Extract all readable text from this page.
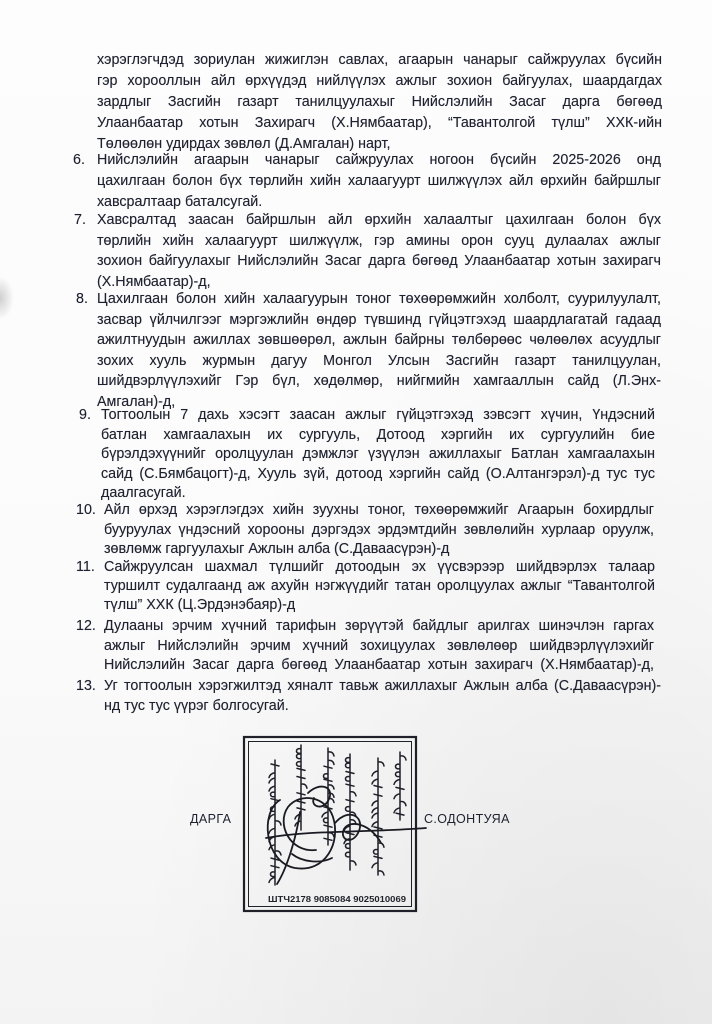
хэрэглэгчдэд зориулан жижиглэн савлах, агаарын чанарыг сайжруулах бүсийн
гэр хорооллын айл өрхүүдэд нийлүүлэх ажлыг зохион байгуулах, шаардагдах
зардлыг Засгийн газарт танилцуулахыг Нийслэлийн Засаг дарга бөгөөд
Улаанбаатар хотын Захирагч (Х.Нямбаатар), “Тавантолгой түлш” ХХК-ийн
Төлөөлөн удирдах зөвлөл (Д.Амгалан) нарт,
6. Нийслэлийн агаарын чанарыг сайжруулах ногоон бүсийн 2025-2026 онд
цахилгаан болон бүх төрлийн хийн халаагуурт шилжүүлэх айл өрхийн байршлыг
хавсралтаар баталсугай.
7. Хавсралтад заасан байршлын айл өрхийн халаалтыг цахилгаан болон бүх
төрлийн хийн халаагуурт шилжүүлж, гэр амины орон сууц дулаалах ажлыг
зохион байгуулахыг Нийслэлийн Засаг дарга бөгөөд Улаанбаатар хотын захирагч
(Х.Нямбаатар)-д,
8. Цахилгаан болон хийн халаагуурын тоног төхөөрөмжийн холболт, суурилуулалт,
засвар үйлчилгээг мэргэжлийн өндөр түвшинд гүйцэтгэхэд шаардлагатай гадаад
ажилтнуудын ажиллах зөвшөөрөл, ажлын байрны төлбөрөөс чөлөөлөх асуудлыг
зохих хууль журмын дагуу Монгол Улсын Засгийн газарт танилцуулан,
шийдвэрлүүлэхийг Гэр бүл, хөдөлмөр, нийгмийн хамгааллын сайд (Л.Энх-
Амгалан)-д,
9. Тогтоолын 7 дахь хэсэгт заасан ажлыг гүйцэтгэхэд зэвсэгт хүчин, Үндэсний
батлан хамгаалахын их сургууль, Дотоод хэргийн их сургуулийн бие
бүрэлдэхүүнийг оролцуулан дэмжлэг үзүүлэн ажиллахыг Батлан хамгаалахын
сайд (С.Бямбацогт)-д, Хууль зүй, дотоод хэргийн сайд (О.Алтангэрэл)-д тус тус
даалгасугай.
10. Айл өрхэд хэрэглэгдэх хийн зуухны тоног, төхөөрөмжийг Агаарын бохирдлыг
бууруулах үндэсний хорооны дэргэдэх эрдэмтдийн зөвлөлийн хурлаар оруулж,
зөвлөмж гаргуулахыг Ажлын алба (С.Даваасүрэн)-д
11. Сайжруулсан шахмал түлшийг дотоодын эх үүсвэрээр шийдвэрлэх талаар
туршилт судалгаанд аж ахуйн нэгжүүдийг татан оролцуулах ажлыг “Тавантолгой
түлш” ХХК (Ц.Эрдэнэбаяр)-д
12. Дулааны эрчим хүчний тарифын зөрүүтэй байдлыг арилгах шинэчлэн гаргах
ажлыг Нийслэлийн эрчим хүчний зохицуулах зөвлөлөөр шийдвэрлүүлэхийг
Нийслэлийн Засаг дарга бөгөөд Улаанбаатар хотын захирагч (Х.Нямбаатар)-д,
13. Уг тогтоолын хэрэгжилтэд хяналт тавьж ажиллахыг Ажлын алба (С.Даваасүрэн)-
нд тус тус үүрэг болгосугай.
ДАРГА	С.ОДОНТУЯА
ШТЧ2178 9085084 9025010069
